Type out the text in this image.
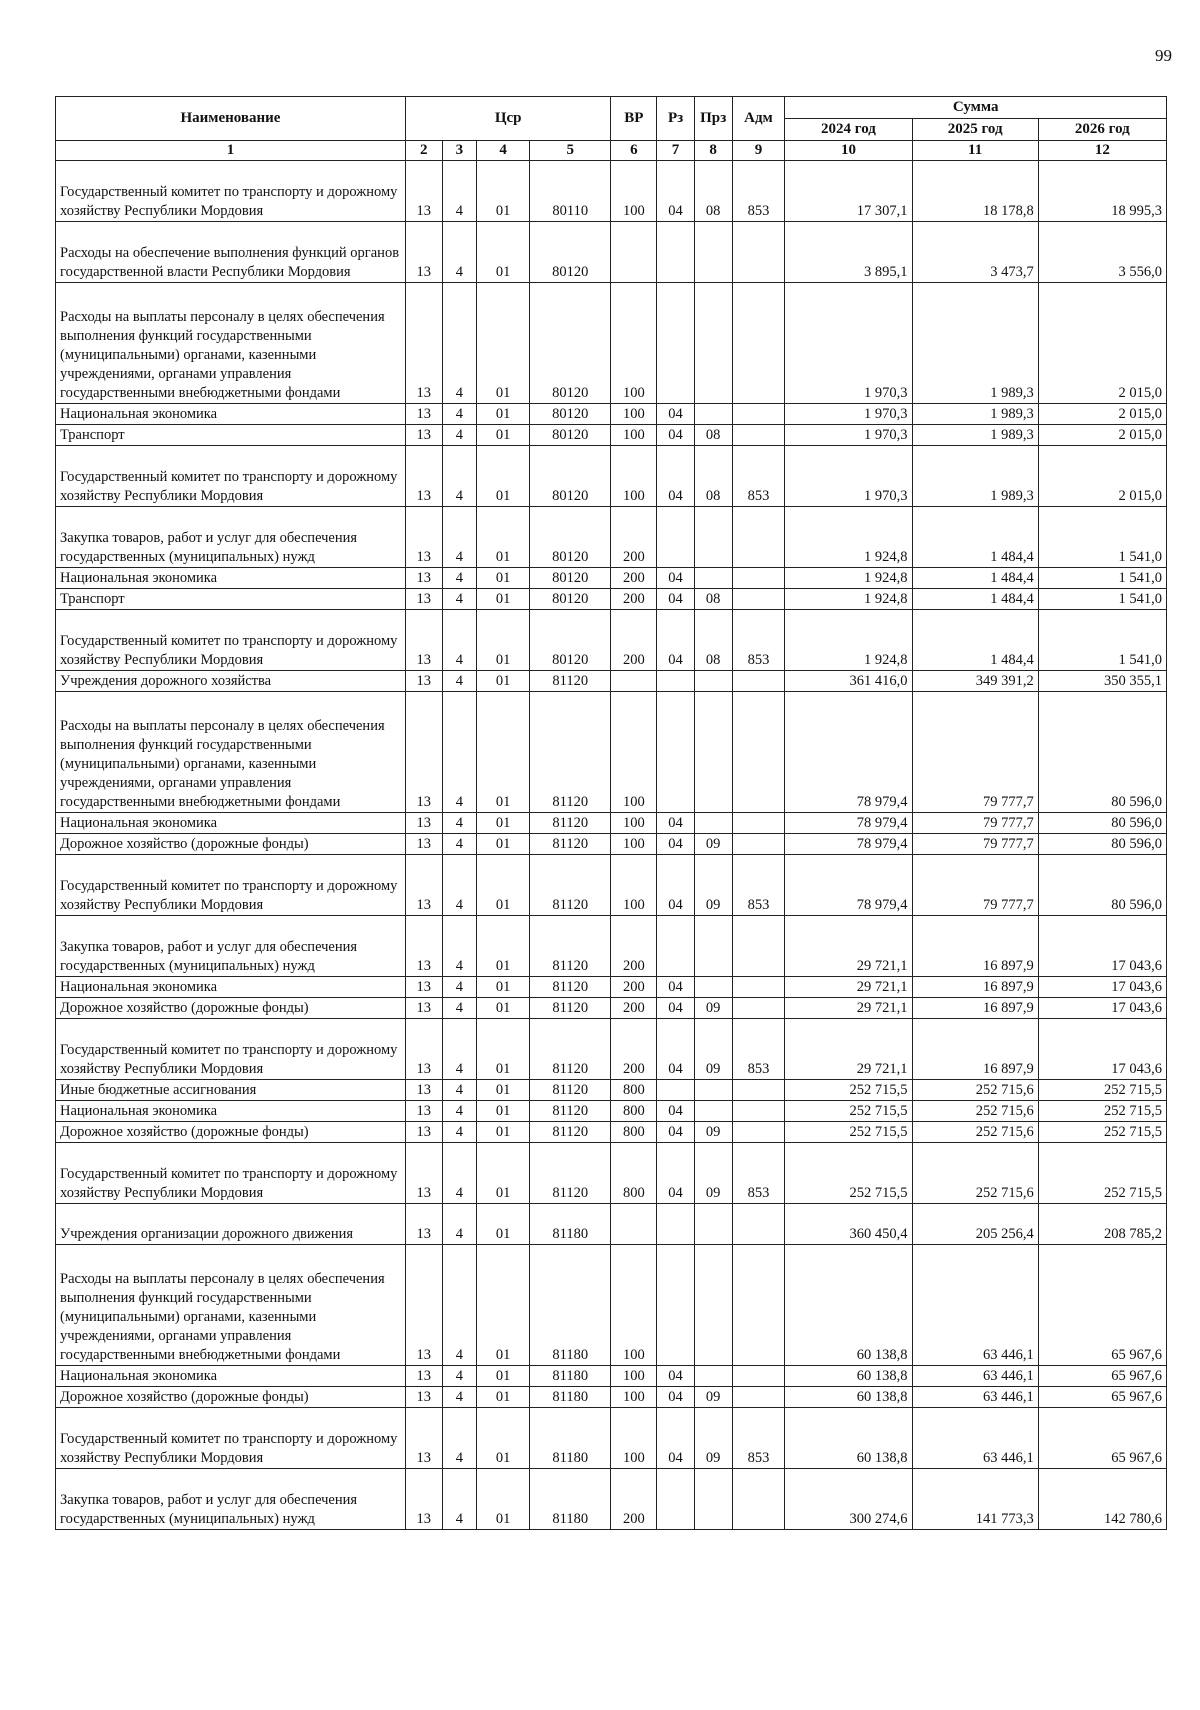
99
Наименование	Цср				ВР	Рз	Прз	Адм	Сумма		
									2024 год	2025 год	2026 год
1	2	3	4	5	6	7	8	9	10	11	12
Государственный комитет по транспорту и дорожному хозяйству Республики Мордовия	13	4	01	80110	100	04	08	853	17 307,1	18 178,8	18 995,3
Расходы на обеспечение выполнения функций органов государственной власти Республики Мордовия	13	4	01	80120					3 895,1	3 473,7	3 556,0
Расходы на выплаты персоналу в целях обеспечения выполнения функций государственными (муниципальными) органами, казенными учреждениями, органами управления государственными внебюджетными фондами	13	4	01	80120	100				1 970,3	1 989,3	2 015,0
Национальная экономика	13	4	01	80120	100	04			1 970,3	1 989,3	2 015,0
Транспорт	13	4	01	80120	100	04	08		1 970,3	1 989,3	2 015,0
Государственный комитет по транспорту и дорожному хозяйству Республики Мордовия	13	4	01	80120	100	04	08	853	1 970,3	1 989,3	2 015,0
Закупка товаров, работ и услуг для обеспечения государственных (муниципальных) нужд	13	4	01	80120	200				1 924,8	1 484,4	1 541,0
Национальная экономика	13	4	01	80120	200	04			1 924,8	1 484,4	1 541,0
Транспорт	13	4	01	80120	200	04	08		1 924,8	1 484,4	1 541,0
Государственный комитет по транспорту и дорожному хозяйству Республики Мордовия	13	4	01	80120	200	04	08	853	1 924,8	1 484,4	1 541,0
Учреждения дорожного хозяйства	13	4	01	81120					361 416,0	349 391,2	350 355,1
Расходы на выплаты персоналу в целях обеспечения выполнения функций государственными (муниципальными) органами, казенными учреждениями, органами управления государственными внебюджетными фондами	13	4	01	81120	100				78 979,4	79 777,7	80 596,0
Национальная экономика	13	4	01	81120	100	04			78 979,4	79 777,7	80 596,0
Дорожное хозяйство (дорожные фонды)	13	4	01	81120	100	04	09		78 979,4	79 777,7	80 596,0
Государственный комитет по транспорту и дорожному хозяйству Республики Мордовия	13	4	01	81120	100	04	09	853	78 979,4	79 777,7	80 596,0
Закупка товаров, работ и услуг для обеспечения государственных (муниципальных) нужд	13	4	01	81120	200				29 721,1	16 897,9	17 043,6
Национальная экономика	13	4	01	81120	200	04			29 721,1	16 897,9	17 043,6
Дорожное хозяйство (дорожные фонды)	13	4	01	81120	200	04	09		29 721,1	16 897,9	17 043,6
Государственный комитет по транспорту и дорожному хозяйству Республики Мордовия	13	4	01	81120	200	04	09	853	29 721,1	16 897,9	17 043,6
Иные бюджетные ассигнования	13	4	01	81120	800				252 715,5	252 715,6	252 715,5
Национальная экономика	13	4	01	81120	800	04			252 715,5	252 715,6	252 715,5
Дорожное хозяйство (дорожные фонды)	13	4	01	81120	800	04	09		252 715,5	252 715,6	252 715,5
Государственный комитет по транспорту и дорожному хозяйству Республики Мордовия	13	4	01	81120	800	04	09	853	252 715,5	252 715,6	252 715,5
Учреждения организации дорожного движения	13	4	01	81180					360 450,4	205 256,4	208 785,2
Расходы на выплаты персоналу в целях обеспечения выполнения функций государственными (муниципальными) органами, казенными учреждениями, органами управления государственными внебюджетными фондами	13	4	01	81180	100				60 138,8	63 446,1	65 967,6
Национальная экономика	13	4	01	81180	100	04			60 138,8	63 446,1	65 967,6
Дорожное хозяйство (дорожные фонды)	13	4	01	81180	100	04	09		60 138,8	63 446,1	65 967,6
Государственный комитет по транспорту и дорожному хозяйству Республики Мордовия	13	4	01	81180	100	04	09	853	60 138,8	63 446,1	65 967,6
Закупка товаров, работ и услуг для обеспечения государственных (муниципальных) нужд	13	4	01	81180	200				300 274,6	141 773,3	142 780,6
